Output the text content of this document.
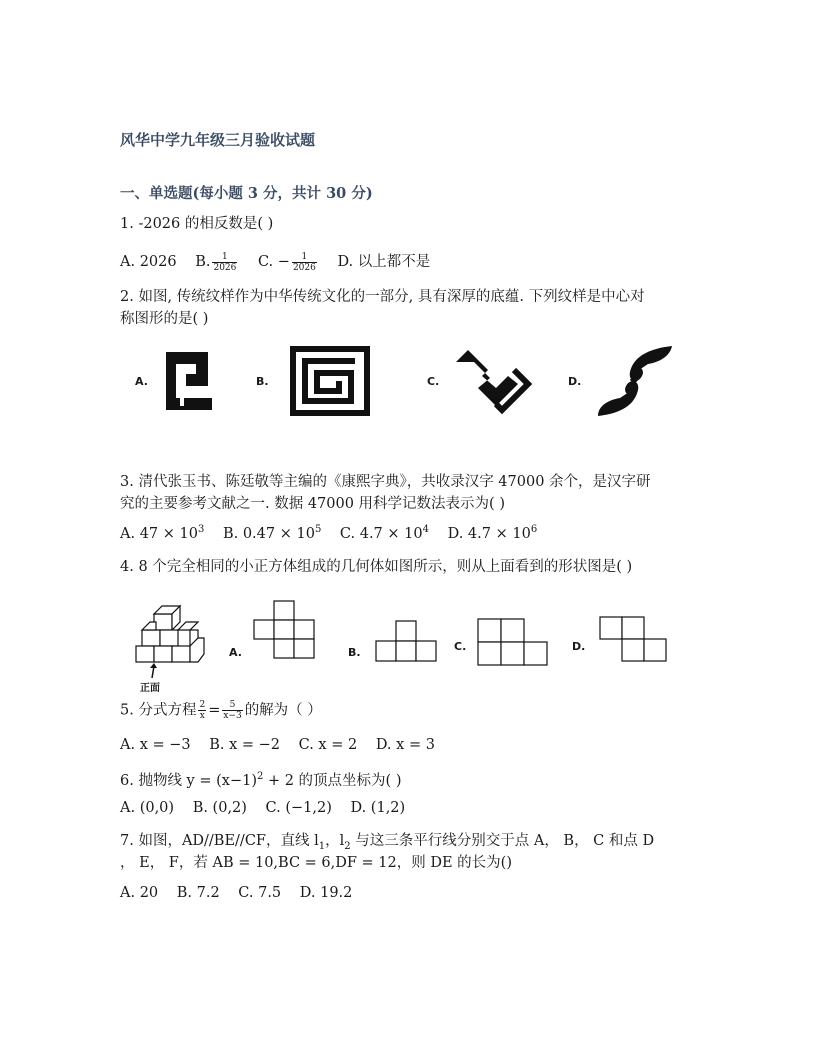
风华中学九年级三月验收试题
一、单选题(每小题 3 分，共计 30 分)
1. -2026 的相反数是( )
A. 2026 B. $\frac{1}{2026} C$. − $\frac{1}{2026} D$. 以上都不是
2. 如图, 传统纹样作为中华传统文化的一部分, 具有深厚的底蕴. 下列纹样是中心对
称图形的是( )
A.	B.	C.	D.
3. 清代张玉书、陈廷敬等主编的《康熙字典》，共收录汉字 47000 余个，是汉字研
究的主要参考文献之一. 数据 47000 用科学记数法表示为( )
A. $47 \times 10^3$ B. $0.47 \times 10^5$ C. $4.7 \times 10^4$ D. $4.7 \times 10^6$
4. 8 个完全相同的小正方体组成的几何体如图所示，则从上面看到的形状图是( )
正面
A.	B.	C.	D.
5. 分式方程 $\frac{2}{x} = \frac{5}{x-3}$ 的解为（ ）
A. x = −3 B. x = −2 C. x = 2 D. x = 3
6. 抛物线 $y = (x-1)^2 + 2$ 的顶点坐标为( )
A. (0,0) B. (0,2) C. (−1,2) D. (1,2)
7. 如图，AD//BE//CF，直线 $l_1$，$l_2$ 与这三条平行线分别交于点 A， B， C 和点 D
， E， F，若 AB = 10,BC = 6,DF = 12，则 DE 的长为()
A. 20 B. 7.2 C. 7.5 D. 19.2
